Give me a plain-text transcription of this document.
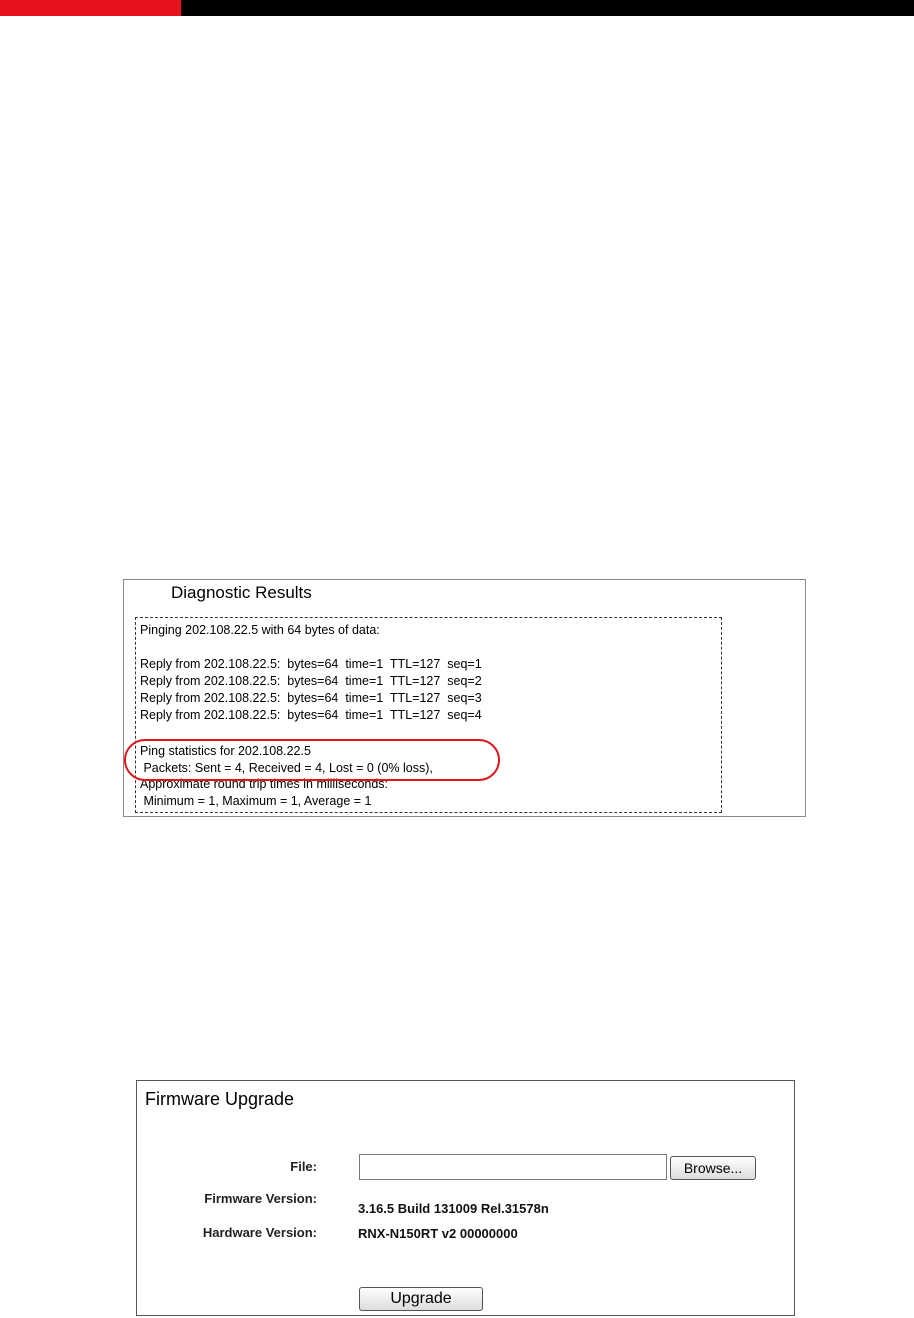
Diagnostic Results
Pinging 202.108.22.5 with 64 bytes of data:
Reply from 202.108.22.5:  bytes=64  time=1  TTL=127  seq=1
Reply from 202.108.22.5:  bytes=64  time=1  TTL=127  seq=2
Reply from 202.108.22.5:  bytes=64  time=1  TTL=127  seq=3
Reply from 202.108.22.5:  bytes=64  time=1  TTL=127  seq=4
Ping statistics for 202.108.22.5
Packets: Sent = 4, Received = 4, Lost = 0 (0% loss),
Approximate round trip times in milliseconds:
Minimum = 1, Maximum = 1, Average = 1
Firmware Upgrade
File:	Browse...
Firmware Version:
3.16.5 Build 131009 Rel.31578n
Hardware Version:	RNX-N150RT v2 00000000
Upgrade
